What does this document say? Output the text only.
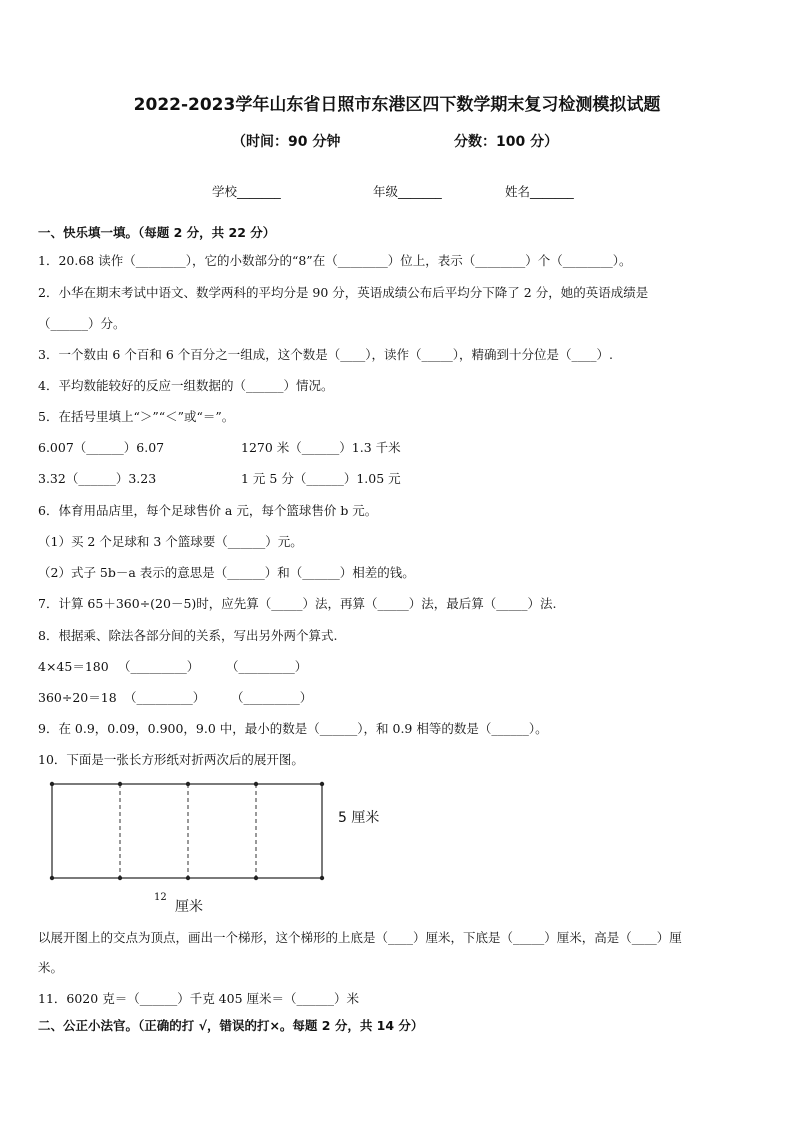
2022-2023学年山东省日照市东港区四下数学期末复习检测模拟试题
（时间：90 分钟	分数：100 分）
学校_______	年级_______	姓名_______
一、快乐填一填。（每题 2 分，共 22 分）
1．20.68 读作（________），它的小数部分的“8”在（________）位上，表示（________）个（________）。
2．小华在期末考试中语文、数学两科的平均分是 90 分，英语成绩公布后平均分下降了 2 分，她的英语成绩是
（______）分。
3．一个数由 6 个百和 6 个百分之一组成，这个数是（____），读作（_____），精确到十分位是（____）.
4．平均数能较好的反应一组数据的（______）情况。
5．在括号里填上“＞”“＜”或“＝”。
6.007（______）6.07	1270 米（______）1.3 千米
3.32（______）3.23	1 元 5 分（______）1.05 元
6．体育用品店里，每个足球售价 a 元，每个篮球售价 b 元。
（1）买 2 个足球和 3 个篮球要（______）元。
（2）式子 5b－a 表示的意思是（______）和（______）相差的钱。
7．计算 65＋360÷(20－5)时，应先算（_____）法，再算（_____）法，最后算（_____）法.
8．根据乘、除法各部分间的关系，写出另外两个算式.
4×45＝180 （_________） （_________）
360÷20＝18 （_________） （_________）
9．在 0.9，0.09，0.900，9.0 中，最小的数是（______），和 0.9 相等的数是（______）。
10．下面是一张长方形纸对折两次后的展开图。
5 厘米
12
厘米
以展开图上的交点为顶点，画出一个梯形，这个梯形的上底是（____）厘米，下底是（_____）厘米，高是（____）厘
米。
11．6020 克＝（______）千克 405 厘米＝（______）米
二、公正小法官。（正确的打 √，错误的打×。每题 2 分，共 14 分）
